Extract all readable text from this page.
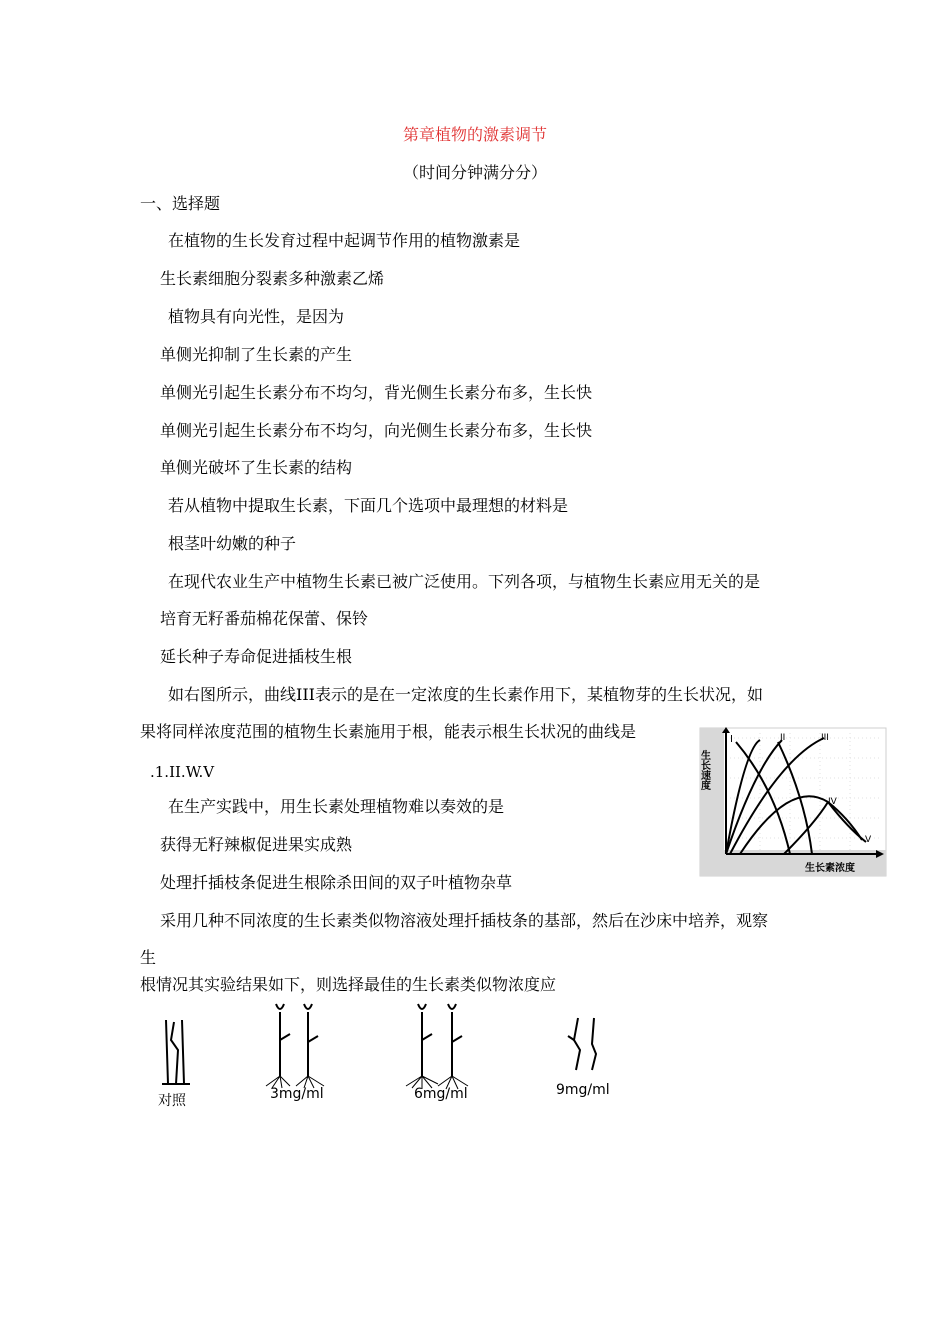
第章植物的激素调节
（时间分钟满分分）
一、选择题
在植物的生长发育过程中起调节作用的植物激素是
生长素细胞分裂素多种激素乙烯
植物具有向光性，是因为
单侧光抑制了生长素的产生
单侧光引起生长素分布不均匀，背光侧生长素分布多，生长快
单侧光引起生长素分布不均匀，向光侧生长素分布多，生长快
单侧光破坏了生长素的结构
若从植物中提取生长素，下面几个选项中最理想的材料是
根茎叶幼嫩的种子
在现代农业生产中植物生长素已被广泛使用。下列各项，与植物生长素应用无关的是
培育无籽番茄棉花保蕾、保铃
延长种子寿命促进插枝生根
如右图所示，曲线III表示的是在一定浓度的生长素作用下，某植物芽的生长状况，如
果将同样浓度范围的植物生长素施用于根，能表示根生长状况的曲线是
.1.II.W.V
在生产实践中，用生长素处理植物难以奏效的是
获得无籽辣椒促进果实成熟
处理扦插枝条促进生根除杀田间的双子叶植物杂草
采用几种不同浓度的生长素类似物溶液处理扦插枝条的基部，然后在沙床中培养，观察
生
根情况其实验结果如下，则选择最佳的生长素类似物浓度应
I	II	III
IV
V
生长速度
生长素浓度
对照	3mg/ml	6mg/ml	9mg/ml
